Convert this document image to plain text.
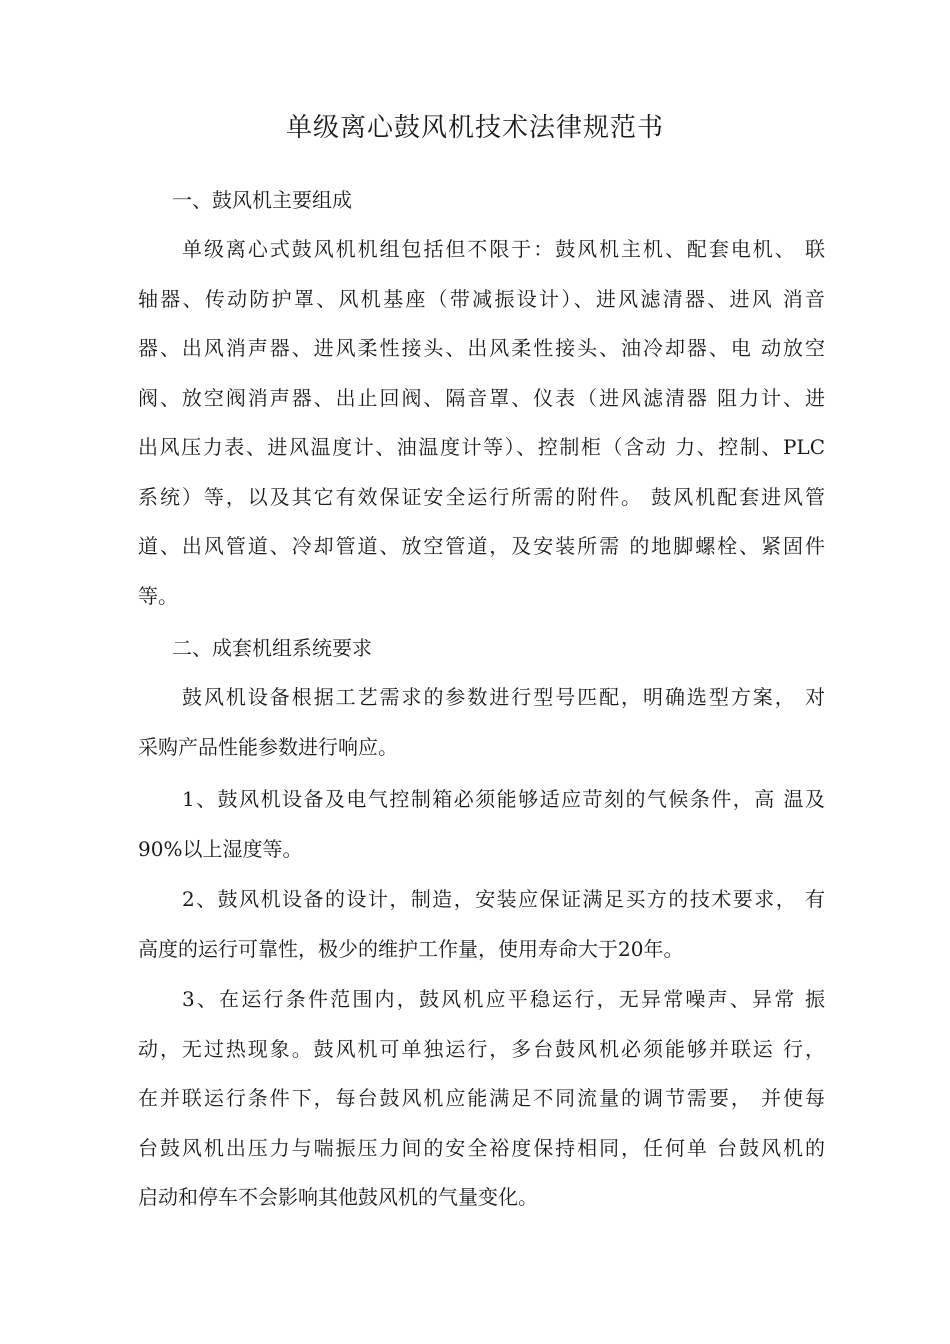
单级离心鼓风机技术法律规范书
一、鼓风机主要组成
单级离心式鼓风机机组包括但不限于：鼓风机主机、配套电机、 联
轴器、传动防护罩、风机基座（带减振设计）、进风滤清器、进风 消音
器、出风消声器、进风柔性接头、出风柔性接头、油冷却器、电 动放空
阀、放空阀消声器、出止回阀、隔音罩、仪表（进风滤清器 阻力计、进
出风压力表、进风温度计、油温度计等）、控制柜（含动 力、控制、PLC
系统）等，以及其它有效保证安全运行所需的附件。 鼓风机配套进风管
道、出风管道、冷却管道、放空管道，及安装所需 的地脚螺栓、紧固件
等。
二、成套机组系统要求
鼓风机设备根据工艺需求的参数进行型号匹配，明确选型方案， 对
采购产品性能参数进行响应。
1、鼓风机设备及电气控制箱必须能够适应苛刻的气候条件，高 温及
90%以上湿度等。
2、鼓风机设备的设计，制造，安装应保证满足买方的技术要求， 有
高度的运行可靠性，极少的维护工作量，使用寿命大于20年。
3、在运行条件范围内，鼓风机应平稳运行，无异常噪声、异常 振
动，无过热现象。鼓风机可单独运行，多台鼓风机必须能够并联运 行，
在并联运行条件下，每台鼓风机应能满足不同流量的调节需要， 并使每
台鼓风机出压力与喘振压力间的安全裕度保持相同，任何单 台鼓风机的
启动和停车不会影响其他鼓风机的气量变化。
